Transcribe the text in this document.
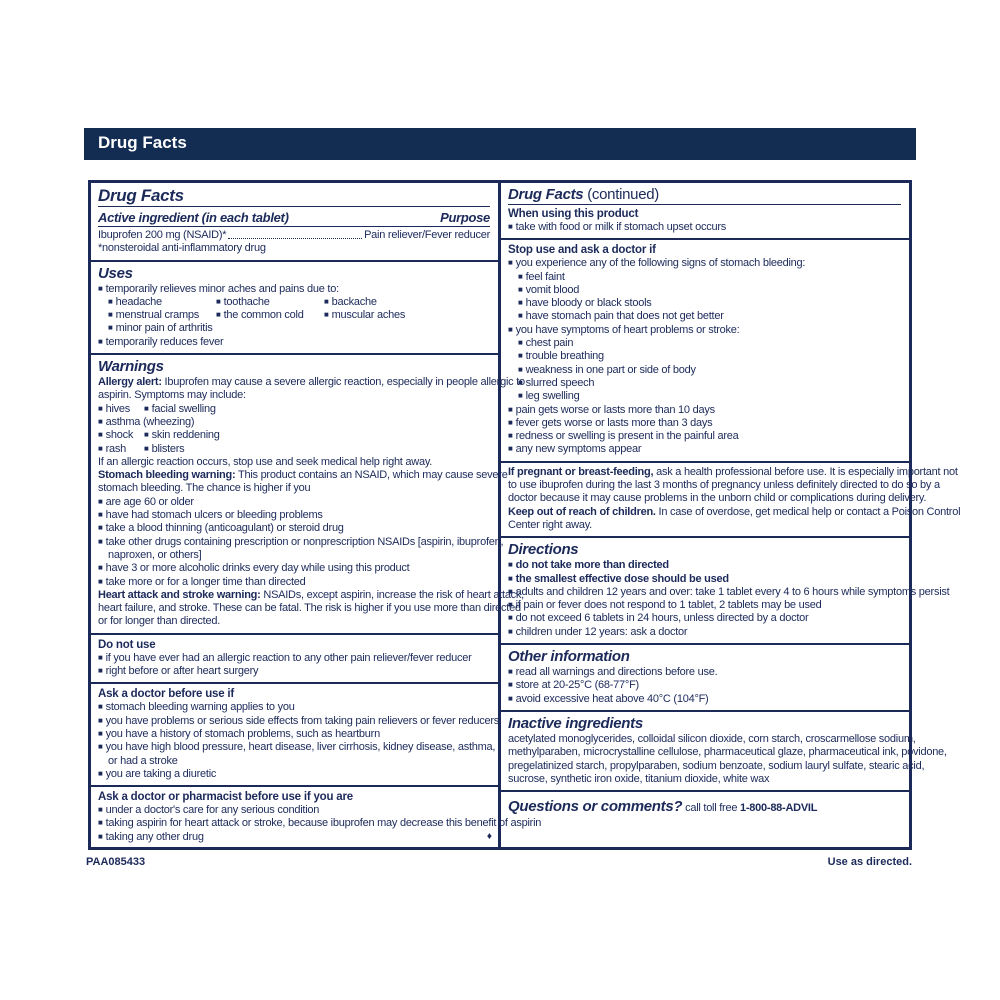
Drug Facts
Drug Facts
Active ingredient (in each tablet)	Purpose
Ibuprofen 200 mg (NSAID)*	Pain reliever/Fever reducer
*nonsteroidal anti-inflammatory drug
Uses
■ temporarily relieves minor aches and pains due to:
■ headache	■ toothache	■ backache
■ menstrual cramps	■ the common cold	■ muscular aches
■ minor pain of arthritis
■ temporarily reduces fever
Warnings
Allergy alert: Ibuprofen may cause a severe allergic reaction, especially in people allergic to
aspirin. Symptoms may include:
■ hives	■ facial swelling
■ asthma (wheezing)
■ shock	■ skin reddening
■ rash	■ blisters
If an allergic reaction occurs, stop use and seek medical help right away.
Stomach bleeding warning: This product contains an NSAID, which may cause severe
stomach bleeding. The chance is higher if you
■ are age 60 or older
■ have had stomach ulcers or bleeding problems
■ take a blood thinning (anticoagulant) or steroid drug
■ take other drugs containing prescription or nonprescription NSAIDs [aspirin, ibuprofen,
naproxen, or others]
■ have 3 or more alcoholic drinks every day while using this product
■ take more or for a longer time than directed
Heart attack and stroke warning: NSAIDs, except aspirin, increase the risk of heart attack,
heart failure, and stroke. These can be fatal. The risk is higher if you use more than directed
or for longer than directed.
Do not use
■ if you have ever had an allergic reaction to any other pain reliever/fever reducer
■ right before or after heart surgery
Ask a doctor before use if
■ stomach bleeding warning applies to you
■ you have problems or serious side effects from taking pain relievers or fever reducers
■ you have a history of stomach problems, such as heartburn
■ you have high blood pressure, heart disease, liver cirrhosis, kidney disease, asthma,
or had a stroke
■ you are taking a diuretic
Ask a doctor or pharmacist before use if you are
■ under a doctor's care for any serious condition
■ taking aspirin for heart attack or stroke, because ibuprofen may decrease this benefit of aspirin
■ taking any other drug	♦
Drug Facts (continued)
When using this product
■ take with food or milk if stomach upset occurs
Stop use and ask a doctor if
■ you experience any of the following signs of stomach bleeding:
■ feel faint
■ vomit blood
■ have bloody or black stools
■ have stomach pain that does not get better
■ you have symptoms of heart problems or stroke:
■ chest pain
■ trouble breathing
■ weakness in one part or side of body
■ slurred speech
■ leg swelling
■ pain gets worse or lasts more than 10 days
■ fever gets worse or lasts more than 3 days
■ redness or swelling is present in the painful area
■ any new symptoms appear
If pregnant or breast-feeding, ask a health professional before use. It is especially important not
to use ibuprofen during the last 3 months of pregnancy unless definitely directed to do so by a
doctor because it may cause problems in the unborn child or complications during delivery.
Keep out of reach of children. In case of overdose, get medical help or contact a Poison Control
Center right away.
Directions
■ do not take more than directed
■ the smallest effective dose should be used
■ adults and children 12 years and over: take 1 tablet every 4 to 6 hours while symptoms persist
■ if pain or fever does not respond to 1 tablet, 2 tablets may be used
■ do not exceed 6 tablets in 24 hours, unless directed by a doctor
■ children under 12 years: ask a doctor
Other information
■ read all warnings and directions before use.
■ store at 20-25°C (68-77°F)
■ avoid excessive heat above 40°C (104°F)
Inactive ingredients
acetylated monoglycerides, colloidal silicon dioxide, corn starch, croscarmellose sodium,
methylparaben, microcrystalline cellulose, pharmaceutical glaze, pharmaceutical ink, povidone,
pregelatinized starch, propylparaben, sodium benzoate, sodium lauryl sulfate, stearic acid,
sucrose, synthetic iron oxide, titanium dioxide, white wax
Questions or comments? call toll free 1-800-88-ADVIL
PAA085433	Use as directed.
